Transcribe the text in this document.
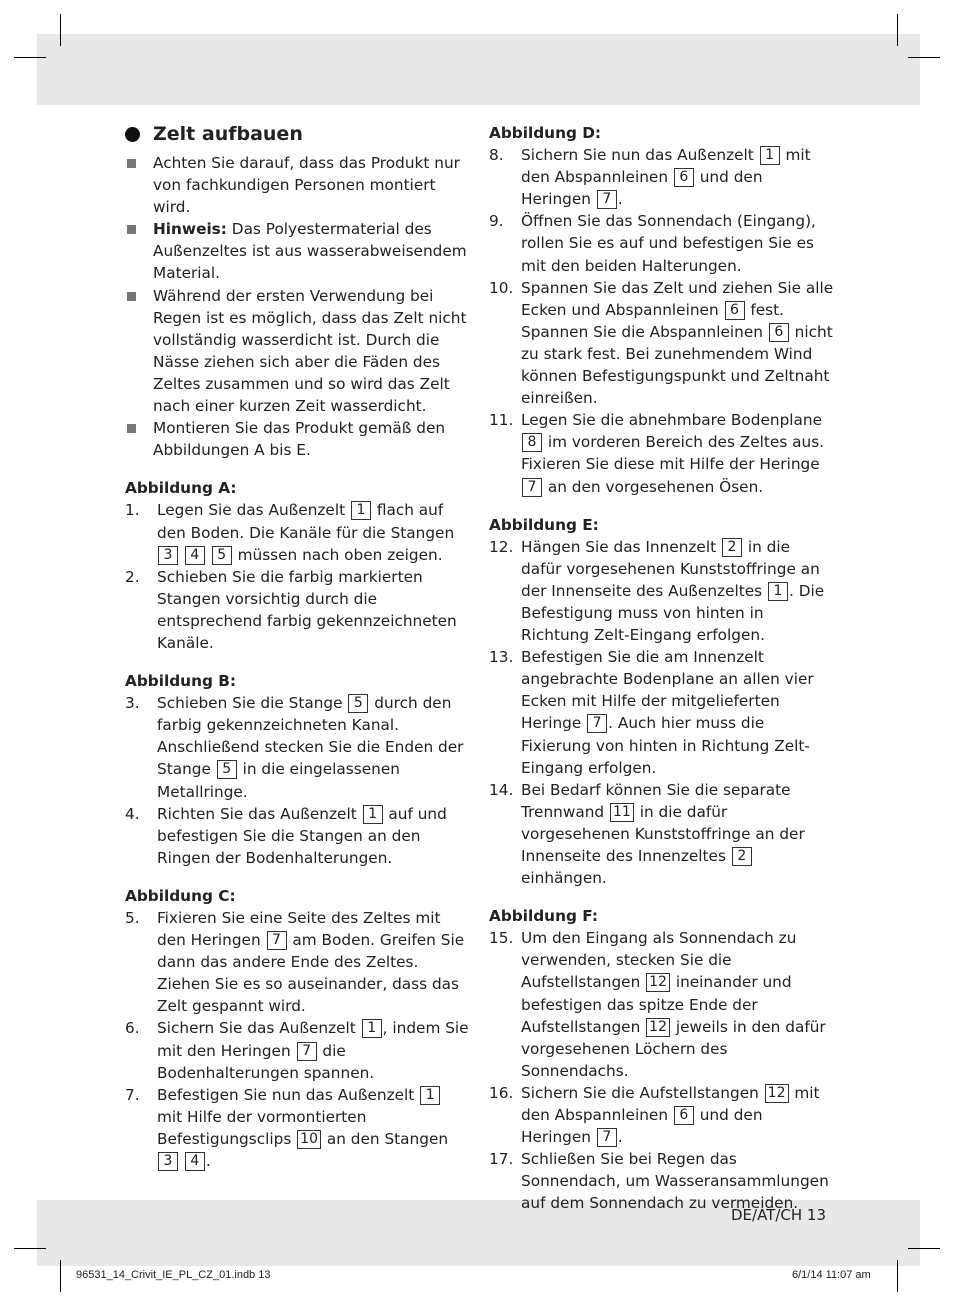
Zelt aufbauen
Achten Sie darauf, dass das Produkt nur von fachkundigen Personen montiert wird.
Hinweis: Das Polyestermaterial des Außenzeltes ist aus wasserabweisendem Material.
Während der ersten Verwendung bei Regen ist es möglich, dass das Zelt nicht vollständig wasserdicht ist. Durch die Nässe ziehen sich aber die Fäden des Zeltes zusammen und so wird das Zelt nach einer kurzen Zeit wasserdicht.
Montieren Sie das Produkt gemäß den Abbildungen A bis E.
Abbildung A:
1.	Legen Sie das Außenzelt 1 flach auf den Boden. Die Kanäle für die Stangen 3 4 5 müssen nach oben zeigen.
2.	Schieben Sie die farbig markierten Stangen vorsichtig durch die entsprechend farbig gekennzeichneten Kanäle.
Abbildung B:
3.	Schieben Sie die Stange 5 durch den farbig gekennzeichneten Kanal. Anschließend stecken Sie die Enden der Stange 5 in die eingelassenen Metallringe.
4.	Richten Sie das Außenzelt 1 auf und befestigen Sie die Stangen an den Ringen der Bodenhalterungen.
Abbildung C:
5.	Fixieren Sie eine Seite des Zeltes mit den Heringen 7 am Boden. Greifen Sie dann das andere Ende des Zeltes. Ziehen Sie es so auseinander, dass das Zelt gespannt wird.
6.	Sichern Sie das Außenzelt 1 , indem Sie mit den Heringen 7 die Bodenhalterungen spannen.
7.	Befestigen Sie nun das Außenzelt 1 mit Hilfe der vormontierten Befestigungsclips 10 an den Stangen 3 4 .
Abbildung D:
8.	Sichern Sie nun das Außenzelt 1 mit den Abspannleinen 6 und den Heringen 7 .
9.	Öffnen Sie das Sonnendach (Eingang), rollen Sie es auf und befestigen Sie es mit den beiden Halterungen.
10. Spannen Sie das Zelt und ziehen Sie alle Ecken und Abspannleinen 6 fest. Spannen Sie die Abspannleinen 6 nicht zu stark fest. Bei zunehmendem Wind können Befestigungspunkt und Zeltnaht einreißen.
11. Legen Sie die abnehmbare Bodenplane 8 im vorderen Bereich des Zeltes aus. Fixieren Sie diese mit Hilfe der Heringe 7 an den vorgesehenen Ösen.
Abbildung E:
12. Hängen Sie das Innenzelt 2 in die dafür vorgesehenen Kunststoffringe an der Innenseite des Außenzeltes 1 . Die Befestigung muss von hinten in Richtung Zelt-Eingang erfolgen.
13. Befestigen Sie die am Innenzelt angebrachte Bodenplane an allen vier Ecken mit Hilfe der mitgelieferten Heringe 7 . Auch hier muss die Fixierung von hinten in Richtung Zelt-Eingang erfolgen.
14. Bei Bedarf können Sie die separate Trennwand 11 in die dafür vorgesehenen Kunststoffringe an der Innenseite des Innenzeltes 2 einhängen.
Abbildung F:
15. Um den Eingang als Sonnendach zu verwenden, stecken Sie die Aufstellstangen 12 ineinander und befestigen das spitze Ende der Aufstellstangen 12 jeweils in den dafür vorgesehenen Löchern des Sonnendachs.
16. Sichern Sie die Aufstellstangen 12 mit den Abspannleinen 6 und den Heringen 7 .
17. Schließen Sie bei Regen das Sonnendach, um Wasseransammlungen auf dem Sonnendach zu vermeiden.
DE/AT/CH 13
96531_14_Crivit_IE_PL_CZ_01.indb 13	6/1/14 11:07 am
